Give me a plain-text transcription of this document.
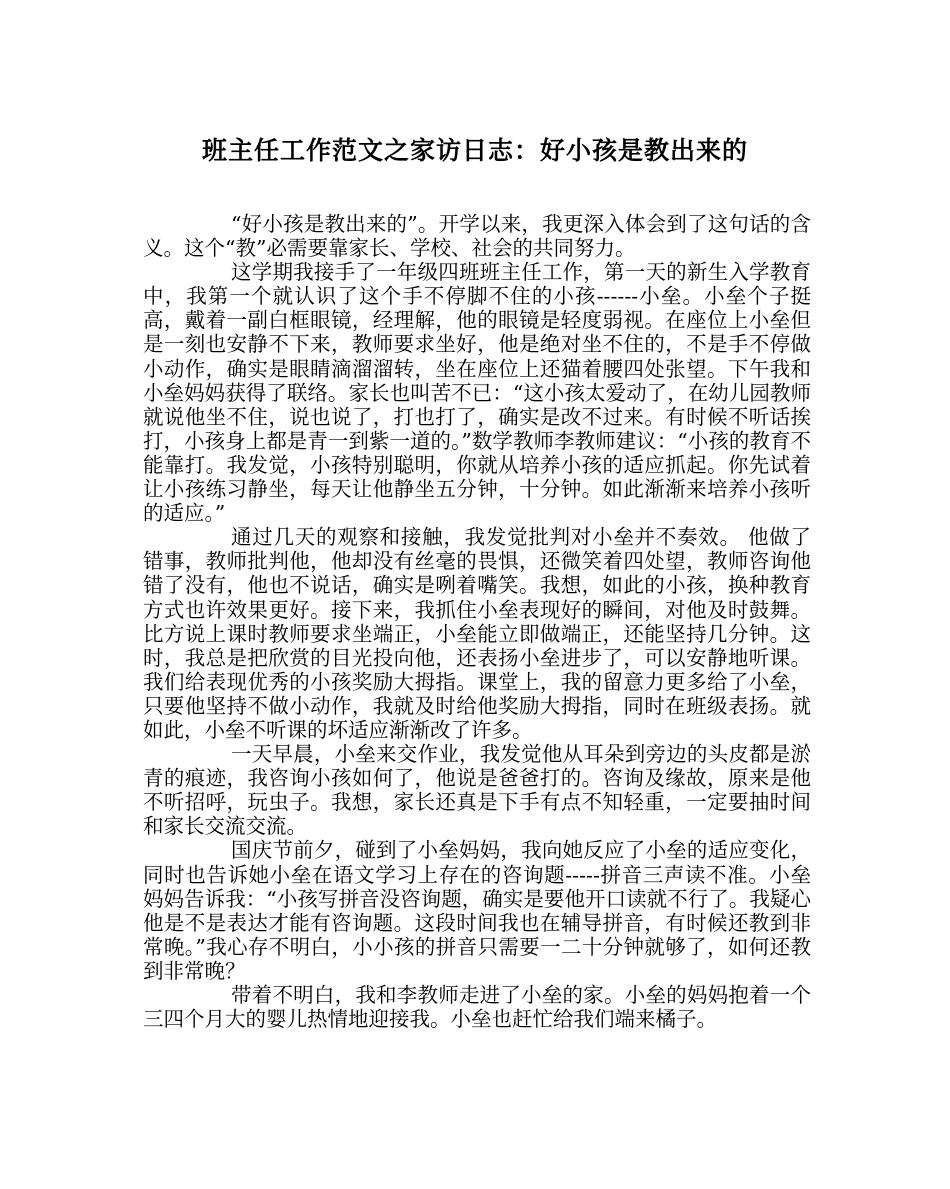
班主任工作范文之家访日志：好小孩是教出来的

“好小孩是教出来的”。开学以来，我更深入体会到了这句话的含义。这个“教”必需要靠家长、学校、社会的共同努力。

这学期我接手了一年级四班班主任工作，第一天的新生入学教育中，我第一个就认识了这个手不停脚不住的小孩------小垒。小垒个子挺高，戴着一副白框眼镜，经理解，他的眼镜是轻度弱视。在座位上小垒但是一刻也安静不下来，教师要求坐好，他是绝对坐不住的，不是手不停做小动作，确实是眼睛滴溜溜转，坐在座位上还猫着腰四处张望。下午我和小垒妈妈获得了联络。家长也叫苦不已：“这小孩太爱动了，在幼儿园教师就说他坐不住，说也说了，打也打了，确实是改不过来。有时候不听话挨打，小孩身上都是青一到紫一道的。”数学教师李教师建议：“小孩的教育不能靠打。我发觉，小孩特别聪明，你就从培养小孩的适应抓起。你先试着让小孩练习静坐，每天让他静坐五分钟，十分钟。如此渐渐来培养小孩听的适应。”

通过几天的观察和接触，我发觉批判对小垒并不奏效。 他做了错事，教师批判他，他却没有丝毫的畏惧，还微笑着四处望，教师咨询他错了没有，他也不说话，确实是咧着嘴笑。我想，如此的小孩，换种教育方式也许效果更好。接下来，我抓住小垒表现好的瞬间，对他及时鼓舞。比方说上课时教师要求坐端正，小垒能立即做端正，还能坚持几分钟。这时，我总是把欣赏的目光投向他，还表扬小垒进步了，可以安静地听课。我们给表现优秀的小孩奖励大拇指。课堂上，我的留意力更多给了小垒，只要他坚持不做小动作，我就及时给他奖励大拇指，同时在班级表扬。就如此，小垒不听课的坏适应渐渐改了许多。

一天早晨，小垒来交作业，我发觉他从耳朵到旁边的头皮都是淤青的痕迹，我咨询小孩如何了，他说是爸爸打的。咨询及缘故，原来是他不听招呼，玩虫子。我想，家长还真是下手有点不知轻重，一定要抽时间和家长交流交流。

国庆节前夕，碰到了小垒妈妈，我向她反应了小垒的适应变化，同时也告诉她小垒在语文学习上存在的咨询题-----拼音三声读不准。小垒妈妈告诉我：“小孩写拼音没咨询题，确实是要他开口读就不行了。我疑心他是不是表达才能有咨询题。这段时间我也在辅导拼音，有时候还教到非常晚。”我心存不明白，小小孩的拼音只需要一二十分钟就够了，如何还教到非常晚？

带着不明白，我和李教师走进了小垒的家。小垒的妈妈抱着一个三四个月大的婴儿热情地迎接我。小垒也赶忙给我们端来橘子。
